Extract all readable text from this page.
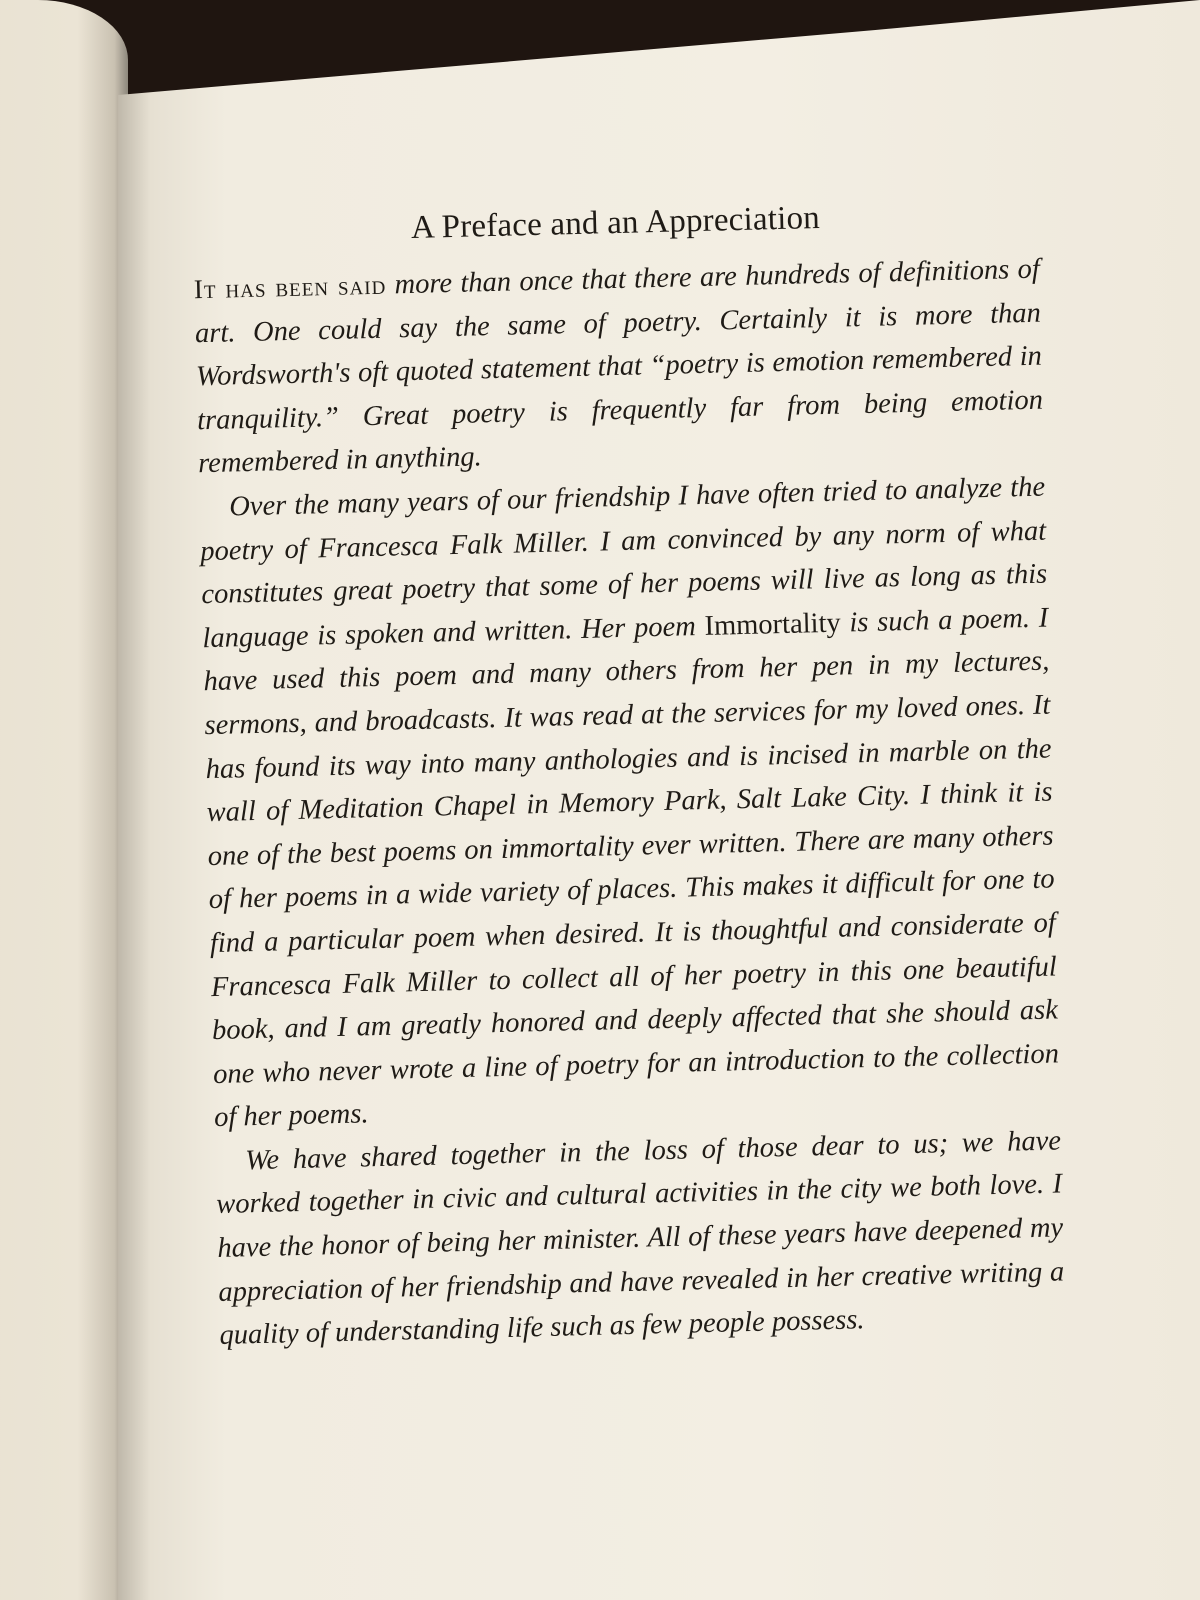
A Preface and an Appreciation

It has been said more than once that there are hundreds of definitions of art. One could say the same of poetry. Certainly it is more than Wordsworth's oft quoted statement that “poetry is emotion remembered in tranquility.” Great poetry is frequently far from being emotion remembered in anything.

Over the many years of our friendship I have often tried to analyze the poetry of Francesca Falk Miller. I am convinced by any norm of what constitutes great poetry that some of her poems will live as long as this language is spoken and written. Her poem Immortality is such a poem. I have used this poem and many others from her pen in my lectures, sermons, and broadcasts. It was read at the services for my loved ones. It has found its way into many anthologies and is incised in marble on the wall of Meditation Chapel in Memory Park, Salt Lake City. I think it is one of the best poems on immortality ever written. There are many others of her poems in a wide variety of places. This makes it difficult for one to find a particular poem when desired. It is thoughtful and considerate of Francesca Falk Miller to collect all of her poetry in this one beautiful book, and I am greatly honored and deeply affected that she should ask one who never wrote a line of poetry for an introduction to the collection of her poems.

We have shared together in the loss of those dear to us; we have worked together in civic and cultural activities in the city we both love. I have the honor of being her minister. All of these years have deepened my appreciation of her friendship and have revealed in her creative writing a quality of understanding life such as few people possess.
